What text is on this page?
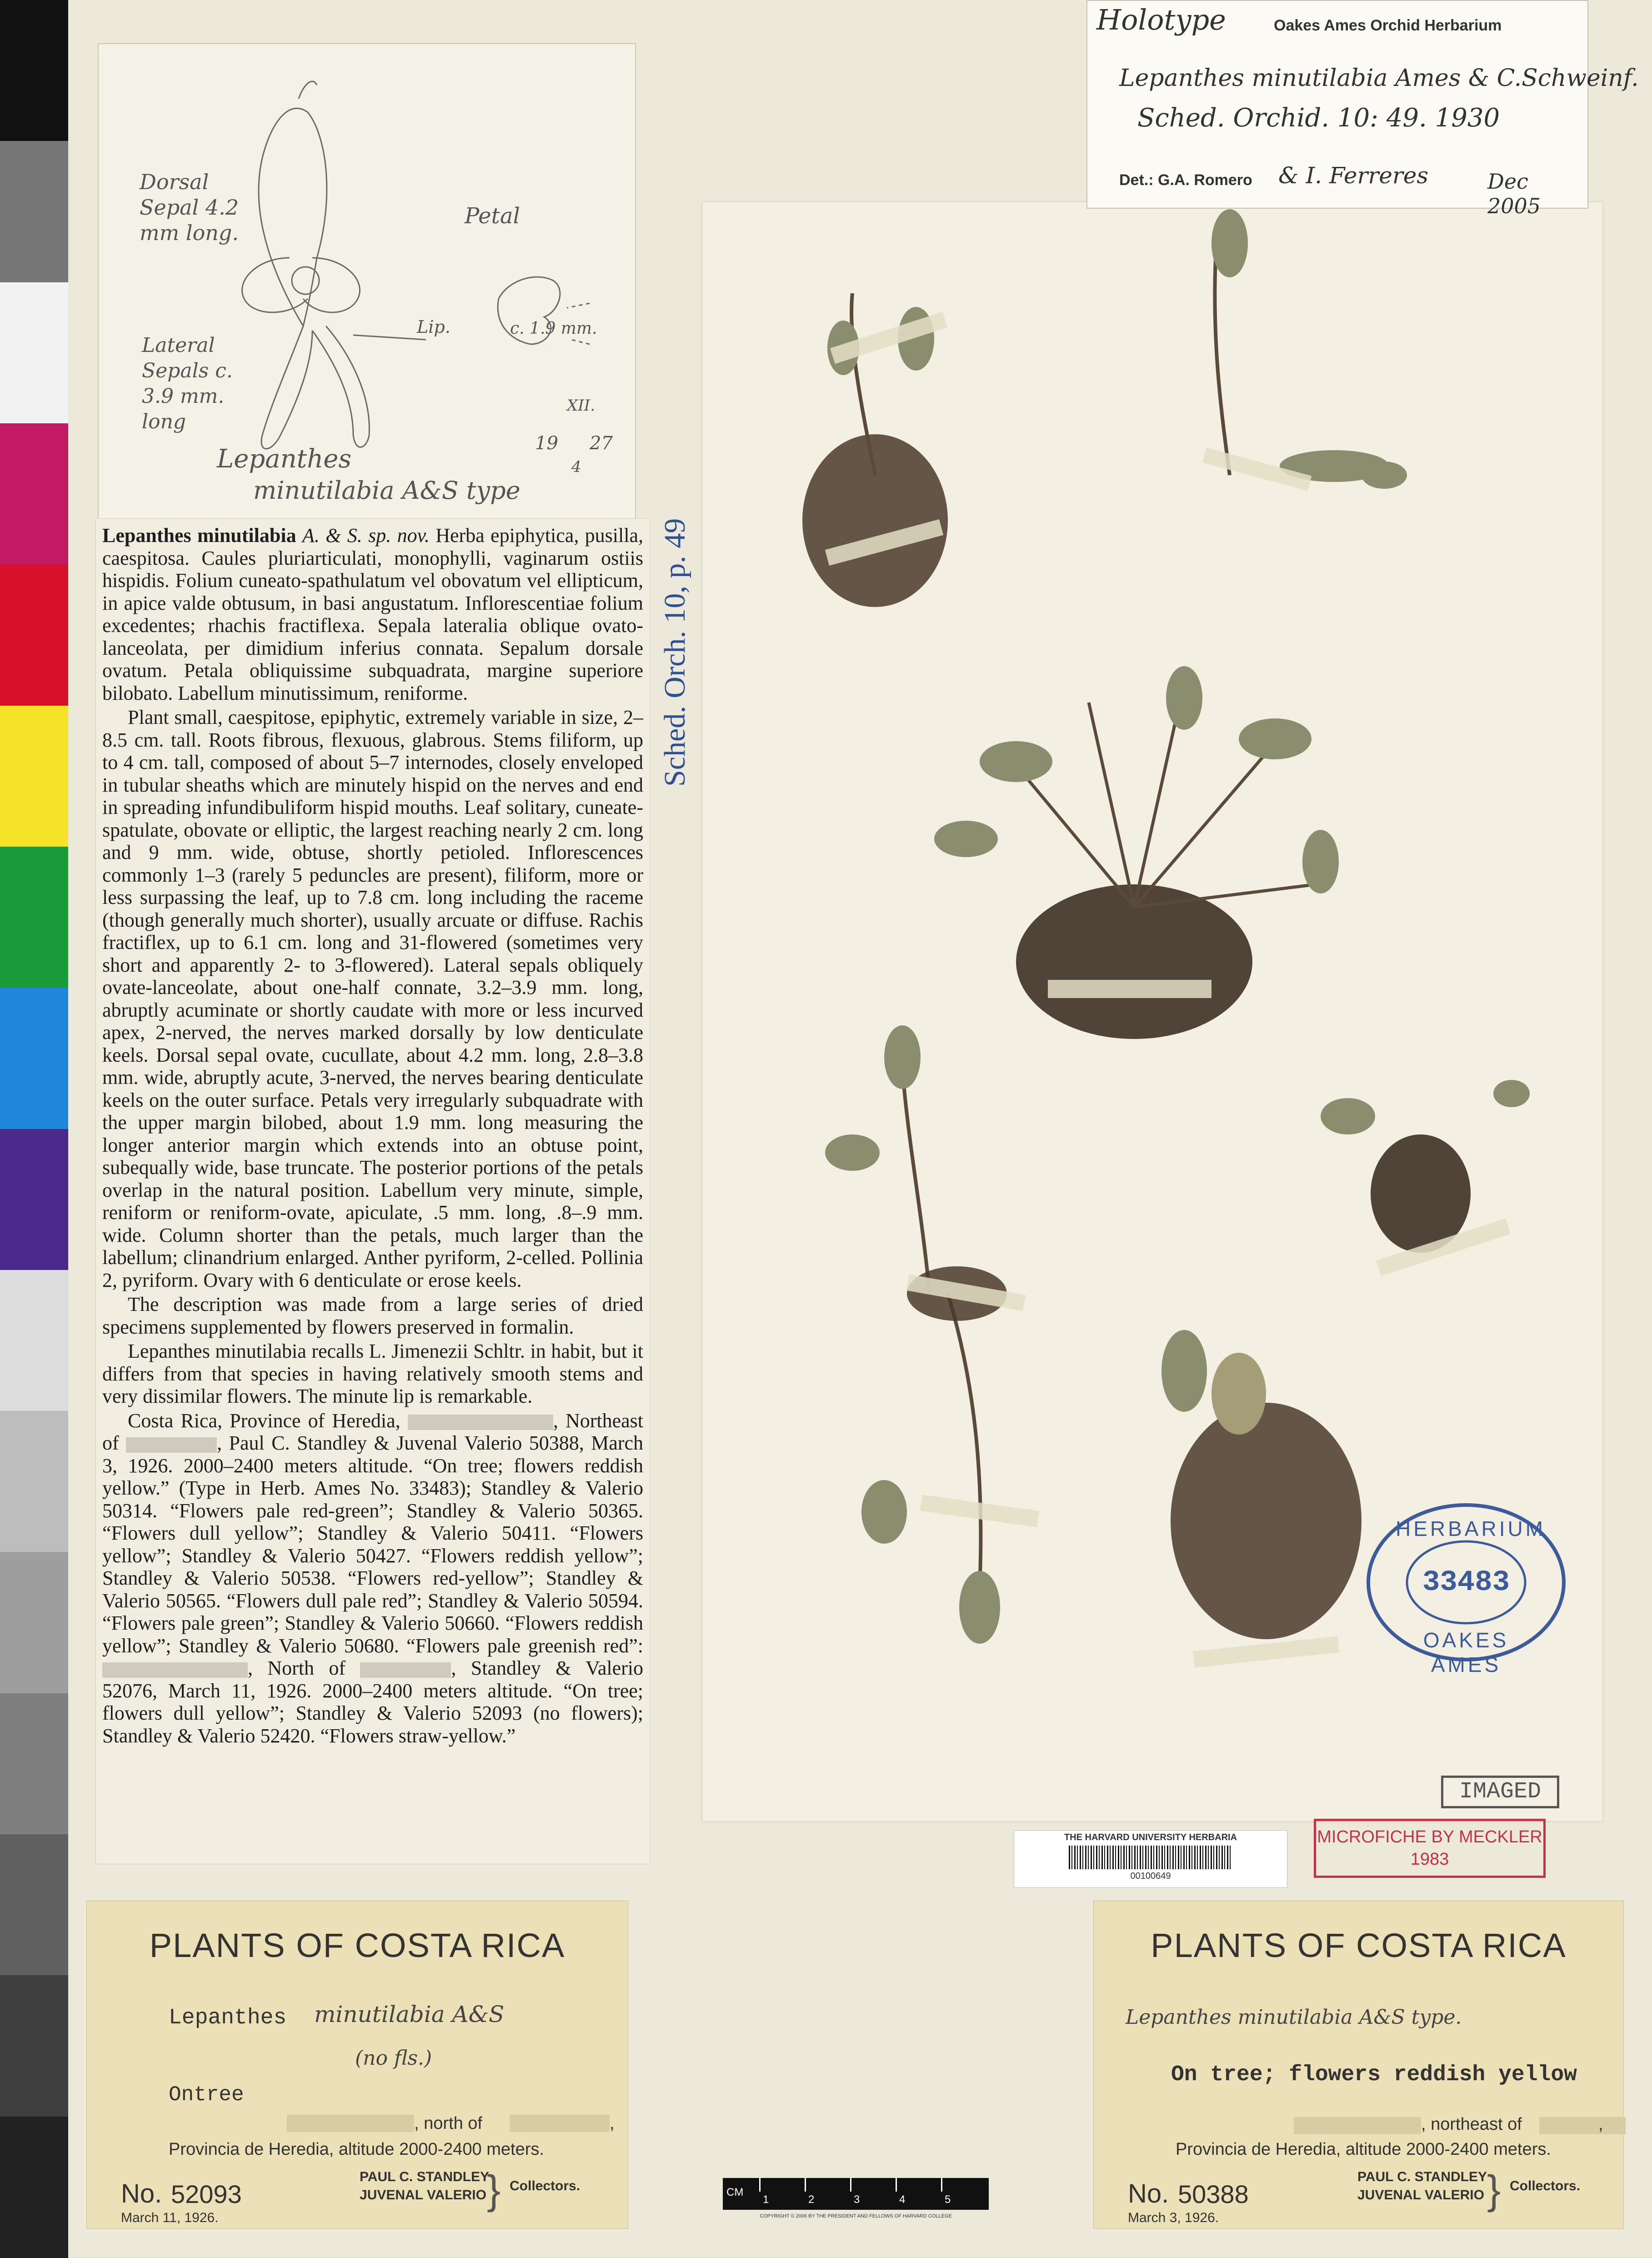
Dorsal Sepal 4.2 mm long.
Petal
c. 1.9 mm.
Lip.
Lateral Sepals c. 3.9 mm. long
XII.
19 27
4
Lepanthes
minutilabia A&S type

Lepanthes minutilabia A. & S. sp. nov. Herba epiphytica, pusilla, caespitosa. Caules pluriarticulati, monophylli, vaginarum ostiis hispidis. Folium cuneato-spathulatum vel obovatum vel ellipticum, in apice valde obtusum, in basi angustatum. Inflorescentiae folium excedentes; rhachis fractiflexa. Sepala lateralia oblique ovato-lanceolata, per dimidium inferius connata. Sepalum dorsale ovatum. Petala obliquissime subquadrata, margine superiore bilobato. Labellum minutissimum, reniforme.

Plant small, caespitose, epiphytic, extremely variable in size, 2–8.5 cm. tall. Roots fibrous, flexuous, glabrous. Stems filiform, up to 4 cm. tall, composed of about 5–7 internodes, closely enveloped in tubular sheaths which are minutely hispid on the nerves and end in spreading infundibuliform hispid mouths. Leaf solitary, cuneate-spatulate, obovate or elliptic, the largest reaching nearly 2 cm. long and 9 mm. wide, obtuse, shortly petioled. Inflorescences commonly 1–3 (rarely 5 peduncles are present), filiform, more or less surpassing the leaf, up to 7.8 cm. long including the raceme (though generally much shorter), usually arcuate or diffuse. Rachis fractiflex, up to 6.1 cm. long and 31-flowered (sometimes very short and apparently 2- to 3-flowered). Lateral sepals obliquely ovate-lanceolate, about one-half connate, 3.2–3.9 mm. long, abruptly acuminate or shortly caudate with more or less incurved apex, 2-nerved, the nerves marked dorsally by low denticulate keels. Dorsal sepal ovate, cucullate, about 4.2 mm. long, 2.8–3.8 mm. wide, abruptly acute, 3-nerved, the nerves bearing denticulate keels on the outer surface. Petals very irregularly subquadrate with the upper margin bilobed, about 1.9 mm. long measuring the longer anterior margin which extends into an obtuse point, subequally wide, base truncate. The posterior portions of the petals overlap in the natural position. Labellum very minute, simple, reniform or reniform-ovate, apiculate, .5 mm. long, .8–.9 mm. wide. Column shorter than the petals, much larger than the labellum; clinandrium enlarged. Anther pyriform, 2-celled. Pollinia 2, pyriform. Ovary with 6 denticulate or erose keels.

The description was made from a large series of dried specimens supplemented by flowers preserved in formalin.

Lepanthes minutilabia recalls L. Jimenezii Schltr. in habit, but it differs from that species in having relatively smooth stems and very dissimilar flowers. The minute lip is remarkable.

Costa Rica, Province of Heredia,	, Northeast of	, Paul C. Standley & Juvenal Valerio 50388, March 3, 1926. 2000–2400 meters altitude. “On tree; flowers reddish yellow.” (Type in Herb. Ames No. 33483); Standley & Valerio 50314. “Flowers pale red-green”; Standley & Valerio 50365. “Flowers dull yellow”; Standley & Valerio 50411. “Flowers yellow”; Standley & Valerio 50427. “Flowers reddish yellow”; Standley & Valerio 50538. “Flowers red-yellow”; Standley & Valerio 50565. “Flowers dull pale red”; Standley & Valerio 50594. “Flowers pale green”; Standley & Valerio 50660. “Flowers reddish yellow”; Standley & Valerio 50680. “Flowers pale greenish red”: , North of	, Standley & Valerio 52076, March 11, 1926. 2000–2400 meters altitude. “On tree; flowers dull yellow”; Standley & Valerio 52093 (no flowers); Standley & Valerio 52420. “Flowers straw-yellow.”

Sched. Orch. 10, p. 49
Holotype	Oakes Ames Orchid Herbarium
Lepanthes minutilabia Ames & C.Schweinf.
Sched. Orchid. 10: 49. 1930
Det.: G.A. Romero & I. Ferreres	Dec 2005
HERBARIUM
33483
OAKES AMES
IMAGED
THE HARVARD UNIVERSITY HERBARIA
00100649
MICROFICHE BY MECKLER
1983
PLANTS OF COSTA RICA
Lepanthes minutilabia A&S
(no fls.)
Ontree
, north of	,
Provincia de Heredia, altitude 2000-2400 meters.
No. 52093
March 11, 1926.
PAUL C. STANDLEY
JUVENAL VALERIO } Collectors.
PLANTS OF COSTA RICA
Lepanthes minutilabia A&S type.
On tree; flowers reddish yellow
, northeast of	,
Provincia de Heredia, altitude 2000-2400 meters.
No. 50388
March 3, 1926.
PAUL C. STANDLEY
JUVENAL VALERIO } Collectors.
CM
COPYRIGHT © 2006 BY THE PRESIDENT AND FELLOWS OF HARVARD COLLEGE
1	2	3	4	5
